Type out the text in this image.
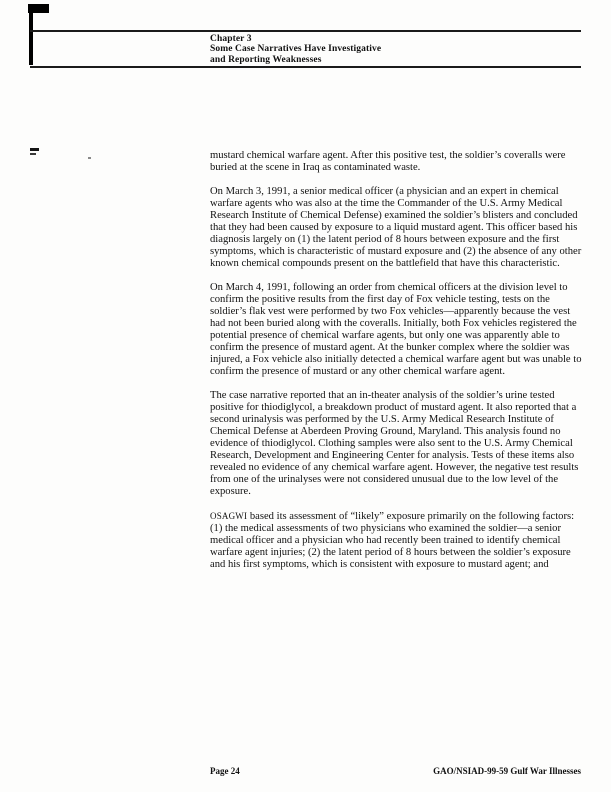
Chapter 3
Some Case Narratives Have Investigative
and Reporting Weaknesses

mustard chemical warfare agent. After this positive test, the soldier’s coveralls were buried at the scene in Iraq as contaminated waste.

On March 3, 1991, a senior medical officer (a physician and an expert in chemical warfare agents who was also at the time the Commander of the U.S. Army Medical Research Institute of Chemical Defense) examined the soldier’s blisters and concluded that they had been caused by exposure to a liquid mustard agent. This officer based his diagnosis largely on (1) the latent period of 8 hours between exposure and the first symptoms, which is characteristic of mustard exposure and (2) the absence of any other known chemical compounds present on the battlefield that have this characteristic.

On March 4, 1991, following an order from chemical officers at the division level to confirm the positive results from the first day of Fox vehicle testing, tests on the soldier’s flak vest were performed by two Fox vehicles—apparently because the vest had not been buried along with the coveralls. Initially, both Fox vehicles registered the potential presence of chemical warfare agents, but only one was apparently able to confirm the presence of mustard agent. At the bunker complex where the soldier was injured, a Fox vehicle also initially detected a chemical warfare agent but was unable to confirm the presence of mustard or any other chemical warfare agent.

The case narrative reported that an in-theater analysis of the soldier’s urine tested positive for thiodiglycol, a breakdown product of mustard agent. It also reported that a second urinalysis was performed by the U.S. Army Medical Research Institute of Chemical Defense at Aberdeen Proving Ground, Maryland. This analysis found no evidence of thiodiglycol. Clothing samples were also sent to the U.S. Army Chemical Research, Development and Engineering Center for analysis. Tests of these items also revealed no evidence of any chemical warfare agent. However, the negative test results from one of the urinalyses were not considered unusual due to the low level of the exposure.

OSAGWI based its assessment of “likely” exposure primarily on the following factors: (1) the medical assessments of two physicians who examined the soldier—a senior medical officer and a physician who had recently been trained to identify chemical warfare agent injuries; (2) the latent period of 8 hours between the soldier’s exposure and his first symptoms, which is consistent with exposure to mustard agent; and

Page 24	GAO/NSIAD-99-59 Gulf War Illnesses
